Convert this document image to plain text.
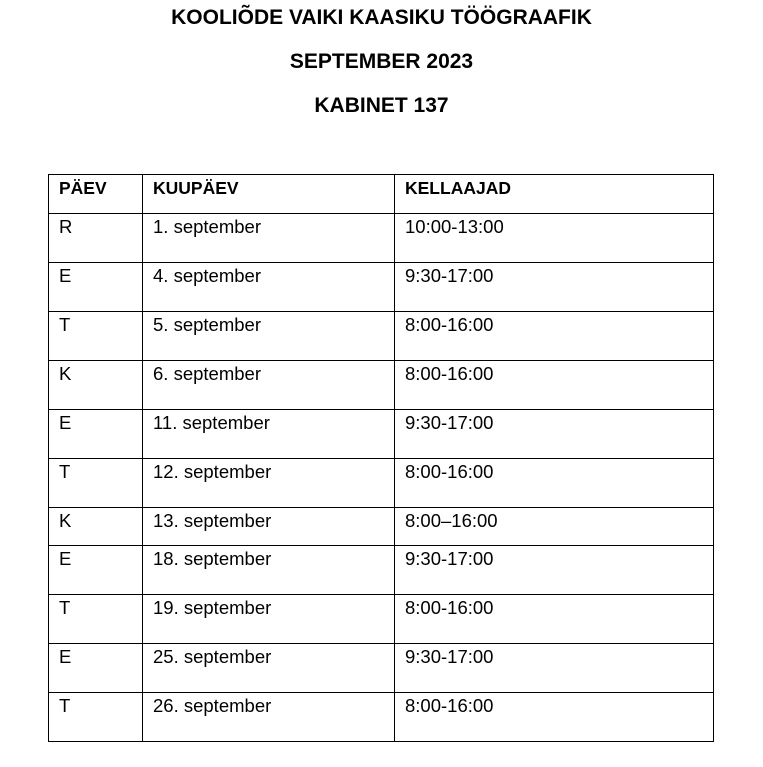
KOOLIÕDE VAIKI KAASIKU TÖÖGRAAFIK
SEPTEMBER 2023
KABINET 137
PÄEV	KUUPÄEV	KELLAAJAD
R	1. september	10:00-13:00
E	4. september	9:30-17:00
T	5. september	8:00-16:00
K	6. september	8:00-16:00
E	11. september	9:30-17:00
T	12. september	8:00-16:00
K	13. september	8:00–16:00
E	18. september	9:30-17:00
T	19. september	8:00-16:00
E	25. september	9:30-17:00
T	26. september	8:00-16:00
